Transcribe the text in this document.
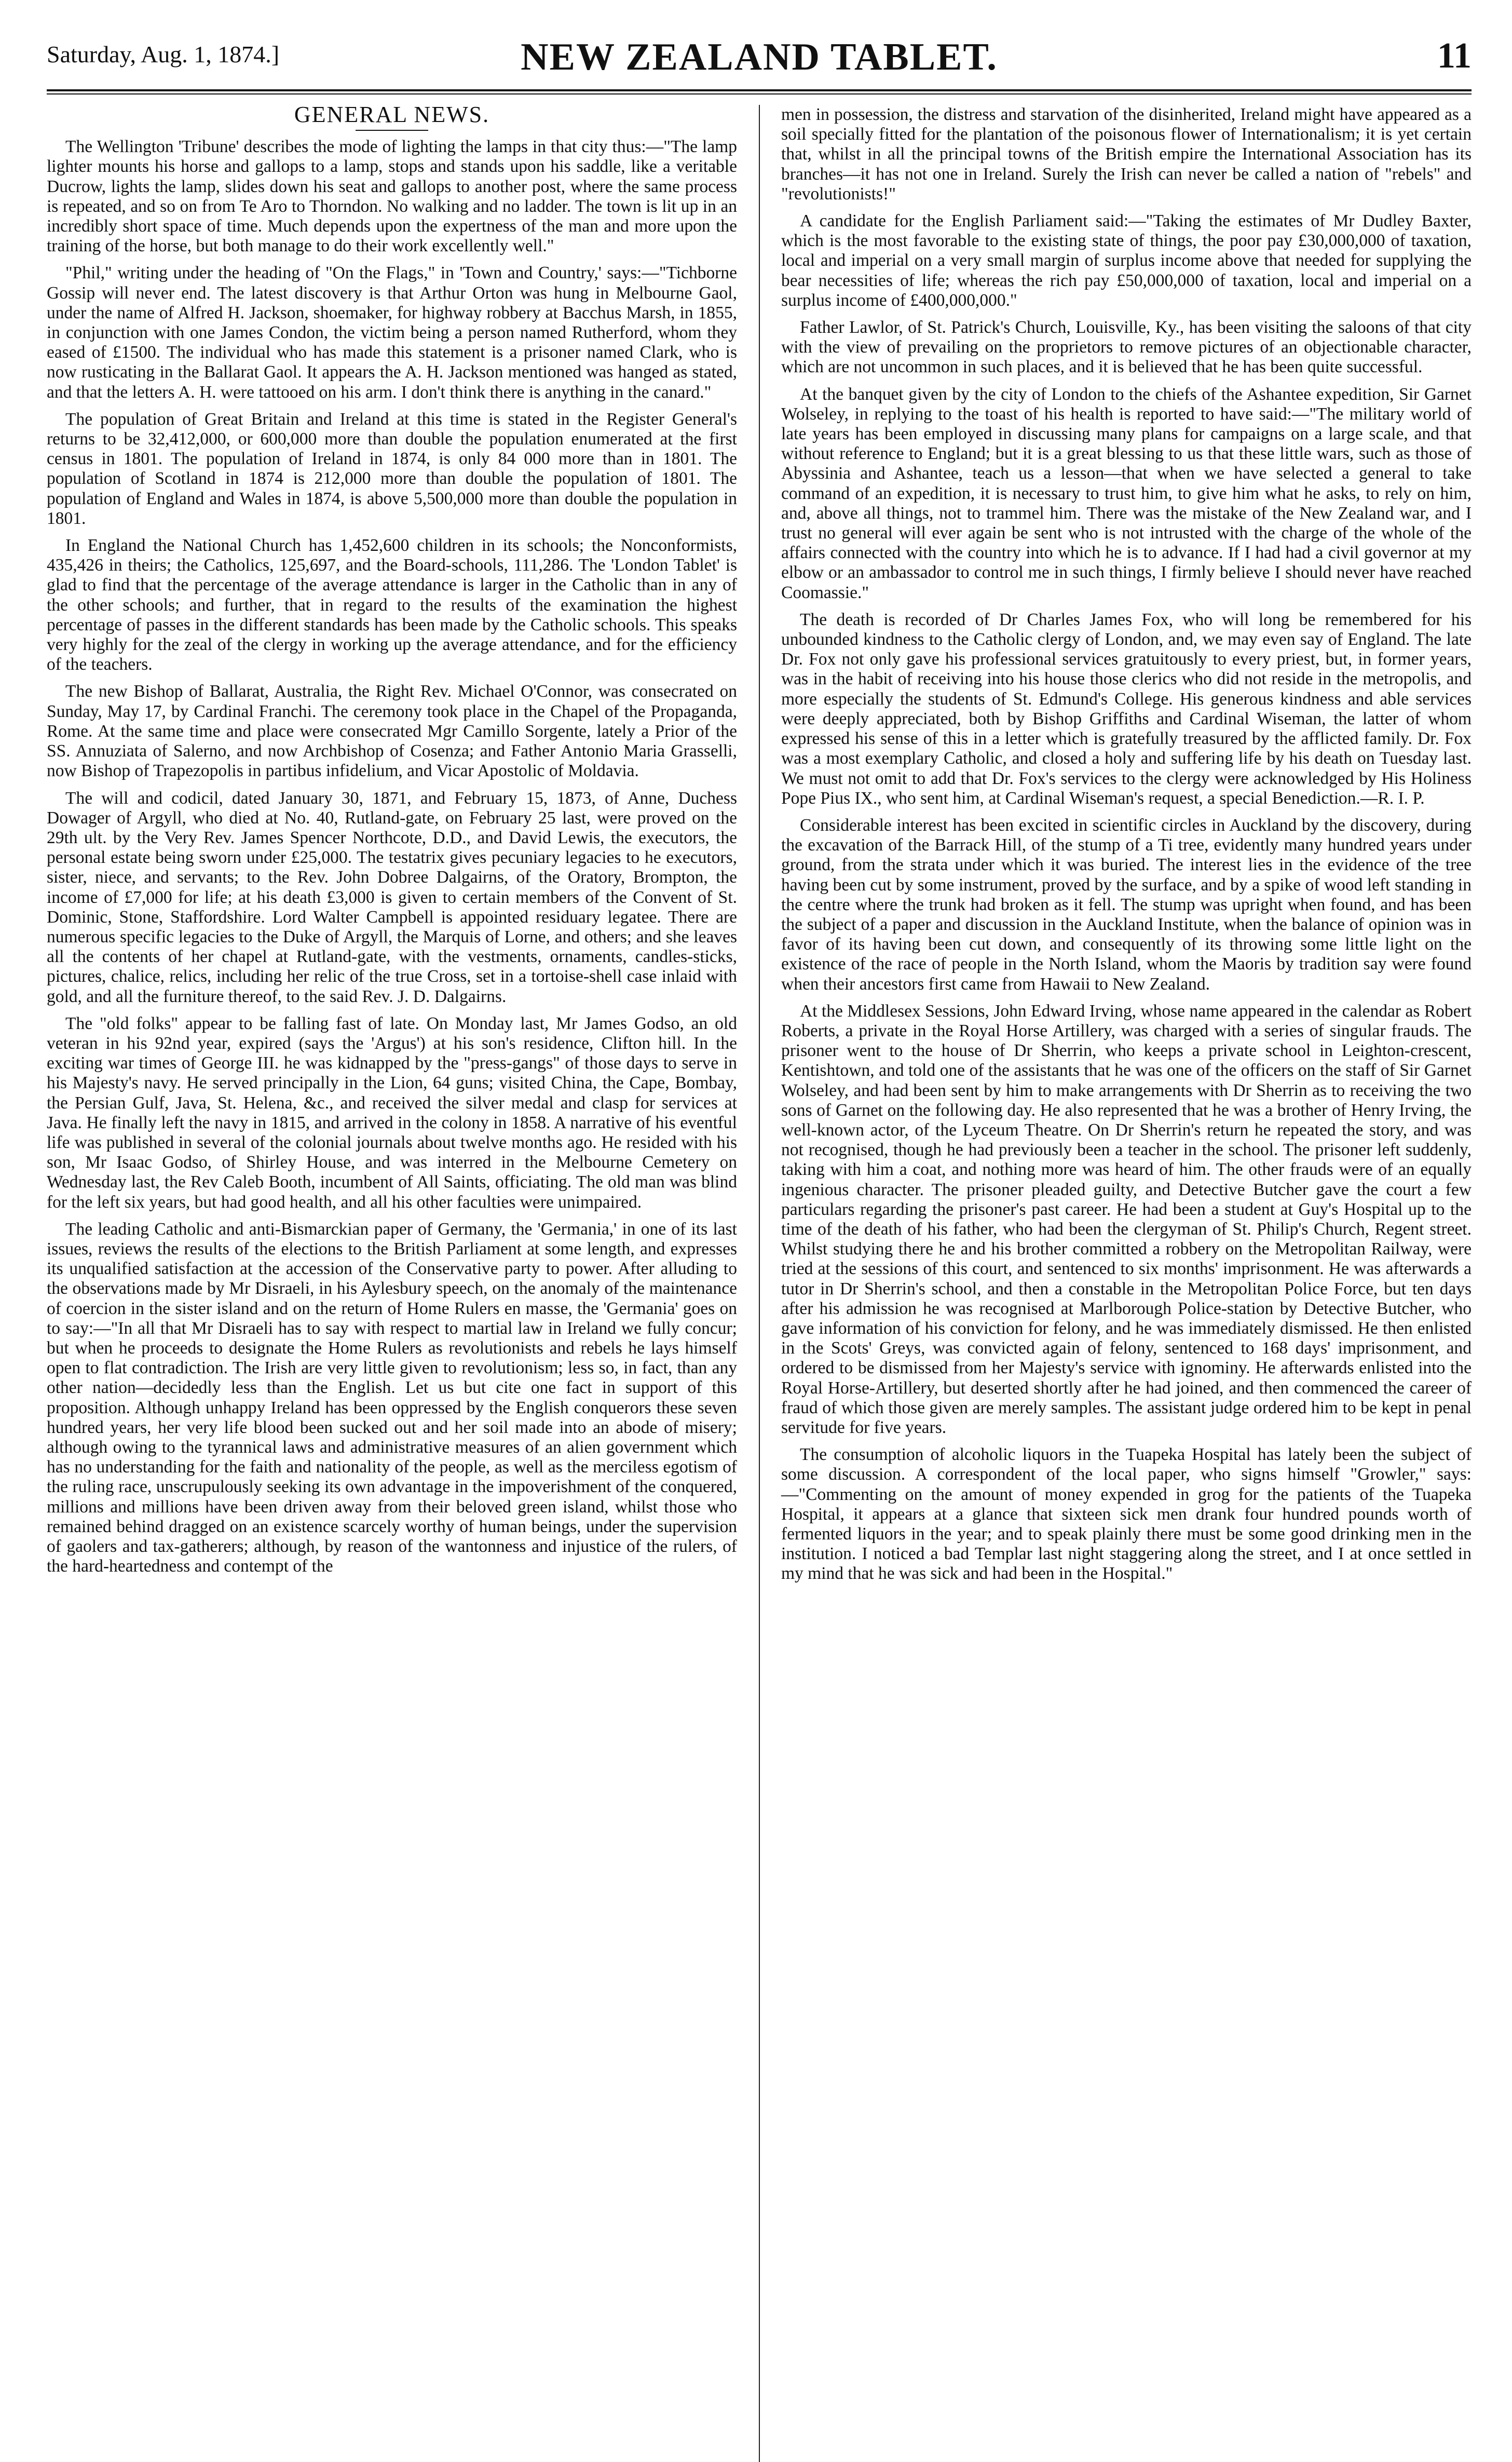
Saturday, Aug. 1, 1874.]	NEW ZEALAND TABLET.	11
GENERAL NEWS.

The Wellington 'Tribune' describes the mode of lighting the lamps in that city thus:—"The lamp lighter mounts his horse and gallops to a lamp, stops and stands upon his saddle, like a veritable Ducrow, lights the lamp, slides down his seat and gallops to another post, where the same process is repeated, and so on from Te Aro to Thorndon. No walking and no ladder. The town is lit up in an incredibly short space of time. Much depends upon the expertness of the man and more upon the training of the horse, but both manage to do their work excellently well."

"Phil," writing under the heading of "On the Flags," in 'Town and Country,' says:—"Tichborne Gossip will never end. The latest discovery is that Arthur Orton was hung in Melbourne Gaol, under the name of Alfred H. Jackson, shoemaker, for highway robbery at Bacchus Marsh, in 1855, in conjunction with one James Condon, the victim being a person named Rutherford, whom they eased of £1500. The individual who has made this statement is a prisoner named Clark, who is now rusticating in the Ballarat Gaol. It appears the A. H. Jackson mentioned was hanged as stated, and that the letters A. H. were tattooed on his arm. I don't think there is anything in the canard."

The population of Great Britain and Ireland at this time is stated in the Register General's returns to be 32,412,000, or 600,000 more than double the population enumerated at the first census in 1801. The population of Ireland in 1874, is only 84 000 more than in 1801. The population of Scotland in 1874 is 212,000 more than double the population of 1801. The population of England and Wales in 1874, is above 5,500,000 more than double the population in 1801.

In England the National Church has 1,452,600 children in its schools; the Nonconformists, 435,426 in theirs; the Catholics, 125,697, and the Board-schools, 111,286. The 'London Tablet' is glad to find that the percentage of the average attendance is larger in the Catholic than in any of the other schools; and further, that in regard to the results of the examination the highest percentage of passes in the different standards has been made by the Catholic schools. This speaks very highly for the zeal of the clergy in working up the average attendance, and for the efficiency of the teachers.

The new Bishop of Ballarat, Australia, the Right Rev. Michael O'Connor, was consecrated on Sunday, May 17, by Cardinal Franchi. The ceremony took place in the Chapel of the Propaganda, Rome. At the same time and place were consecrated Mgr Camillo Sorgente, lately a Prior of the SS. Annuziata of Salerno, and now Archbishop of Cosenza; and Father Antonio Maria Grasselli, now Bishop of Trapezopolis in partibus infidelium, and Vicar Apostolic of Moldavia.

The will and codicil, dated January 30, 1871, and February 15, 1873, of Anne, Duchess Dowager of Argyll, who died at No. 40, Rutland-gate, on February 25 last, were proved on the 29th ult. by the Very Rev. James Spencer Northcote, D.D., and David Lewis, the executors, the personal estate being sworn under £25,000. The testatrix gives pecuniary legacies to he executors, sister, niece, and servants; to the Rev. John Dobree Dalgairns, of the Oratory, Brompton, the income of £7,000 for life; at his death £3,000 is given to certain members of the Convent of St. Dominic, Stone, Staffordshire. Lord Walter Campbell is appointed residuary legatee. There are numerous specific legacies to the Duke of Argyll, the Marquis of Lorne, and others; and she leaves all the contents of her chapel at Rutland-gate, with the vestments, ornaments, candles-sticks, pictures, chalice, relics, including her relic of the true Cross, set in a tortoise-shell case inlaid with gold, and all the furniture thereof, to the said Rev. J. D. Dalgairns.

The "old folks" appear to be falling fast of late. On Monday last, Mr James Godso, an old veteran in his 92nd year, expired (says the 'Argus') at his son's residence, Clifton hill. In the exciting war times of George III. he was kidnapped by the "press-gangs" of those days to serve in his Majesty's navy. He served principally in the Lion, 64 guns; visited China, the Cape, Bombay, the Persian Gulf, Java, St. Helena, &c., and received the silver medal and clasp for services at Java. He finally left the navy in 1815, and arrived in the colony in 1858. A narrative of his eventful life was published in several of the colonial journals about twelve months ago. He resided with his son, Mr Isaac Godso, of Shirley House, and was interred in the Melbourne Cemetery on Wednesday last, the Rev Caleb Booth, incumbent of All Saints, officiating. The old man was blind for the left six years, but had good health, and all his other faculties were unimpaired.

The leading Catholic and anti-Bismarckian paper of Germany, the 'Germania,' in one of its last issues, reviews the results of the elections to the British Parliament at some length, and expresses its unqualified satisfaction at the accession of the Conservative party to power. After alluding to the observations made by Mr Disraeli, in his Aylesbury speech, on the anomaly of the maintenance of coercion in the sister island and on the return of Home Rulers en masse, the 'Germania' goes on to say:—"In all that Mr Disraeli has to say with respect to martial law in Ireland we fully concur; but when he proceeds to designate the Home Rulers as revolutionists and rebels he lays himself open to flat contradiction. The Irish are very little given to revolutionism; less so, in fact, than any other nation—decidedly less than the English. Let us but cite one fact in support of this proposition. Although unhappy Ireland has been oppressed by the English conquerors these seven hundred years, her very life blood been sucked out and her soil made into an abode of misery; although owing to the tyrannical laws and administrative measures of an alien government which has no understanding for the faith and nationality of the people, as well as the merciless egotism of the ruling race, unscrupulously seeking its own advantage in the impoverishment of the conquered, millions and millions have been driven away from their beloved green island, whilst those who remained behind dragged on an existence scarcely worthy of human beings, under the supervision of gaolers and tax-gatherers; although, by reason of the wantonness and injustice of the rulers, of the hard-heartedness and contempt of the

men in possession, the distress and starvation of the disinherited, Ireland might have appeared as a soil specially fitted for the plantation of the poisonous flower of Internationalism; it is yet certain that, whilst in all the principal towns of the British empire the International Association has its branches—it has not one in Ireland. Surely the Irish can never be called a nation of "rebels" and "revolutionists!"

A candidate for the English Parliament said:—"Taking the estimates of Mr Dudley Baxter, which is the most favorable to the existing state of things, the poor pay £30,000,000 of taxation, local and imperial on a very small margin of surplus income above that needed for supplying the bear necessities of life; whereas the rich pay £50,000,000 of taxation, local and imperial on a surplus income of £400,000,000."

Father Lawlor, of St. Patrick's Church, Louisville, Ky., has been visiting the saloons of that city with the view of prevailing on the proprietors to remove pictures of an objectionable character, which are not uncommon in such places, and it is believed that he has been quite successful.

At the banquet given by the city of London to the chiefs of the Ashantee expedition, Sir Garnet Wolseley, in replying to the toast of his health is reported to have said:—"The military world of late years has been employed in discussing many plans for campaigns on a large scale, and that without reference to England; but it is a great blessing to us that these little wars, such as those of Abyssinia and Ashantee, teach us a lesson—that when we have selected a general to take command of an expedition, it is necessary to trust him, to give him what he asks, to rely on him, and, above all things, not to trammel him. There was the mistake of the New Zealand war, and I trust no general will ever again be sent who is not intrusted with the charge of the whole of the affairs connected with the country into which he is to advance. If I had had a civil governor at my elbow or an ambassador to control me in such things, I firmly believe I should never have reached Coomassie."

The death is recorded of Dr Charles James Fox, who will long be remembered for his unbounded kindness to the Catholic clergy of London, and, we may even say of England. The late Dr. Fox not only gave his professional services gratuitously to every priest, but, in former years, was in the habit of receiving into his house those clerics who did not reside in the metropolis, and more especially the students of St. Edmund's College. His generous kindness and able services were deeply appreciated, both by Bishop Griffiths and Cardinal Wiseman, the latter of whom expressed his sense of this in a letter which is gratefully treasured by the afflicted family. Dr. Fox was a most exemplary Catholic, and closed a holy and suffering life by his death on Tuesday last. We must not omit to add that Dr. Fox's services to the clergy were acknowledged by His Holiness Pope Pius IX., who sent him, at Cardinal Wiseman's request, a special Benediction.—R. I. P.

Considerable interest has been excited in scientific circles in Auckland by the discovery, during the excavation of the Barrack Hill, of the stump of a Ti tree, evidently many hundred years under ground, from the strata under which it was buried. The interest lies in the evidence of the tree having been cut by some instrument, proved by the surface, and by a spike of wood left standing in the centre where the trunk had broken as it fell. The stump was upright when found, and has been the subject of a paper and discussion in the Auckland Institute, when the balance of opinion was in favor of its having been cut down, and consequently of its throwing some little light on the existence of the race of people in the North Island, whom the Maoris by tradition say were found when their ancestors first came from Hawaii to New Zealand.

At the Middlesex Sessions, John Edward Irving, whose name appeared in the calendar as Robert Roberts, a private in the Royal Horse Artillery, was charged with a series of singular frauds. The prisoner went to the house of Dr Sherrin, who keeps a private school in Leighton-crescent, Kentishtown, and told one of the assistants that he was one of the officers on the staff of Sir Garnet Wolseley, and had been sent by him to make arrangements with Dr Sherrin as to receiving the two sons of Garnet on the following day. He also represented that he was a brother of Henry Irving, the well-known actor, of the Lyceum Theatre. On Dr Sherrin's return he repeated the story, and was not recognised, though he had previously been a teacher in the school. The prisoner left suddenly, taking with him a coat, and nothing more was heard of him. The other frauds were of an equally ingenious character. The prisoner pleaded guilty, and Detective Butcher gave the court a few particulars regarding the prisoner's past career. He had been a student at Guy's Hospital up to the time of the death of his father, who had been the clergyman of St. Philip's Church, Regent street. Whilst studying there he and his brother committed a robbery on the Metropolitan Railway, were tried at the sessions of this court, and sentenced to six months' imprisonment. He was afterwards a tutor in Dr Sherrin's school, and then a constable in the Metropolitan Police Force, but ten days after his admission he was recognised at Marlborough Police-station by Detective Butcher, who gave information of his conviction for felony, and he was immediately dismissed. He then enlisted in the Scots' Greys, was convicted again of felony, sentenced to 168 days' imprisonment, and ordered to be dismissed from her Majesty's service with ignominy. He afterwards enlisted into the Royal Horse-Artillery, but deserted shortly after he had joined, and then commenced the career of fraud of which those given are merely samples. The assistant judge ordered him to be kept in penal servitude for five years.

The consumption of alcoholic liquors in the Tuapeka Hospital has lately been the subject of some discussion. A correspondent of the local paper, who signs himself "Growler," says:—"Commenting on the amount of money expended in grog for the patients of the Tuapeka Hospital, it appears at a glance that sixteen sick men drank four hundred pounds worth of fermented liquors in the year; and to speak plainly there must be some good drinking men in the institution. I noticed a bad Templar last night staggering along the street, and I at once settled in my mind that he was sick and had been in the Hospital."
